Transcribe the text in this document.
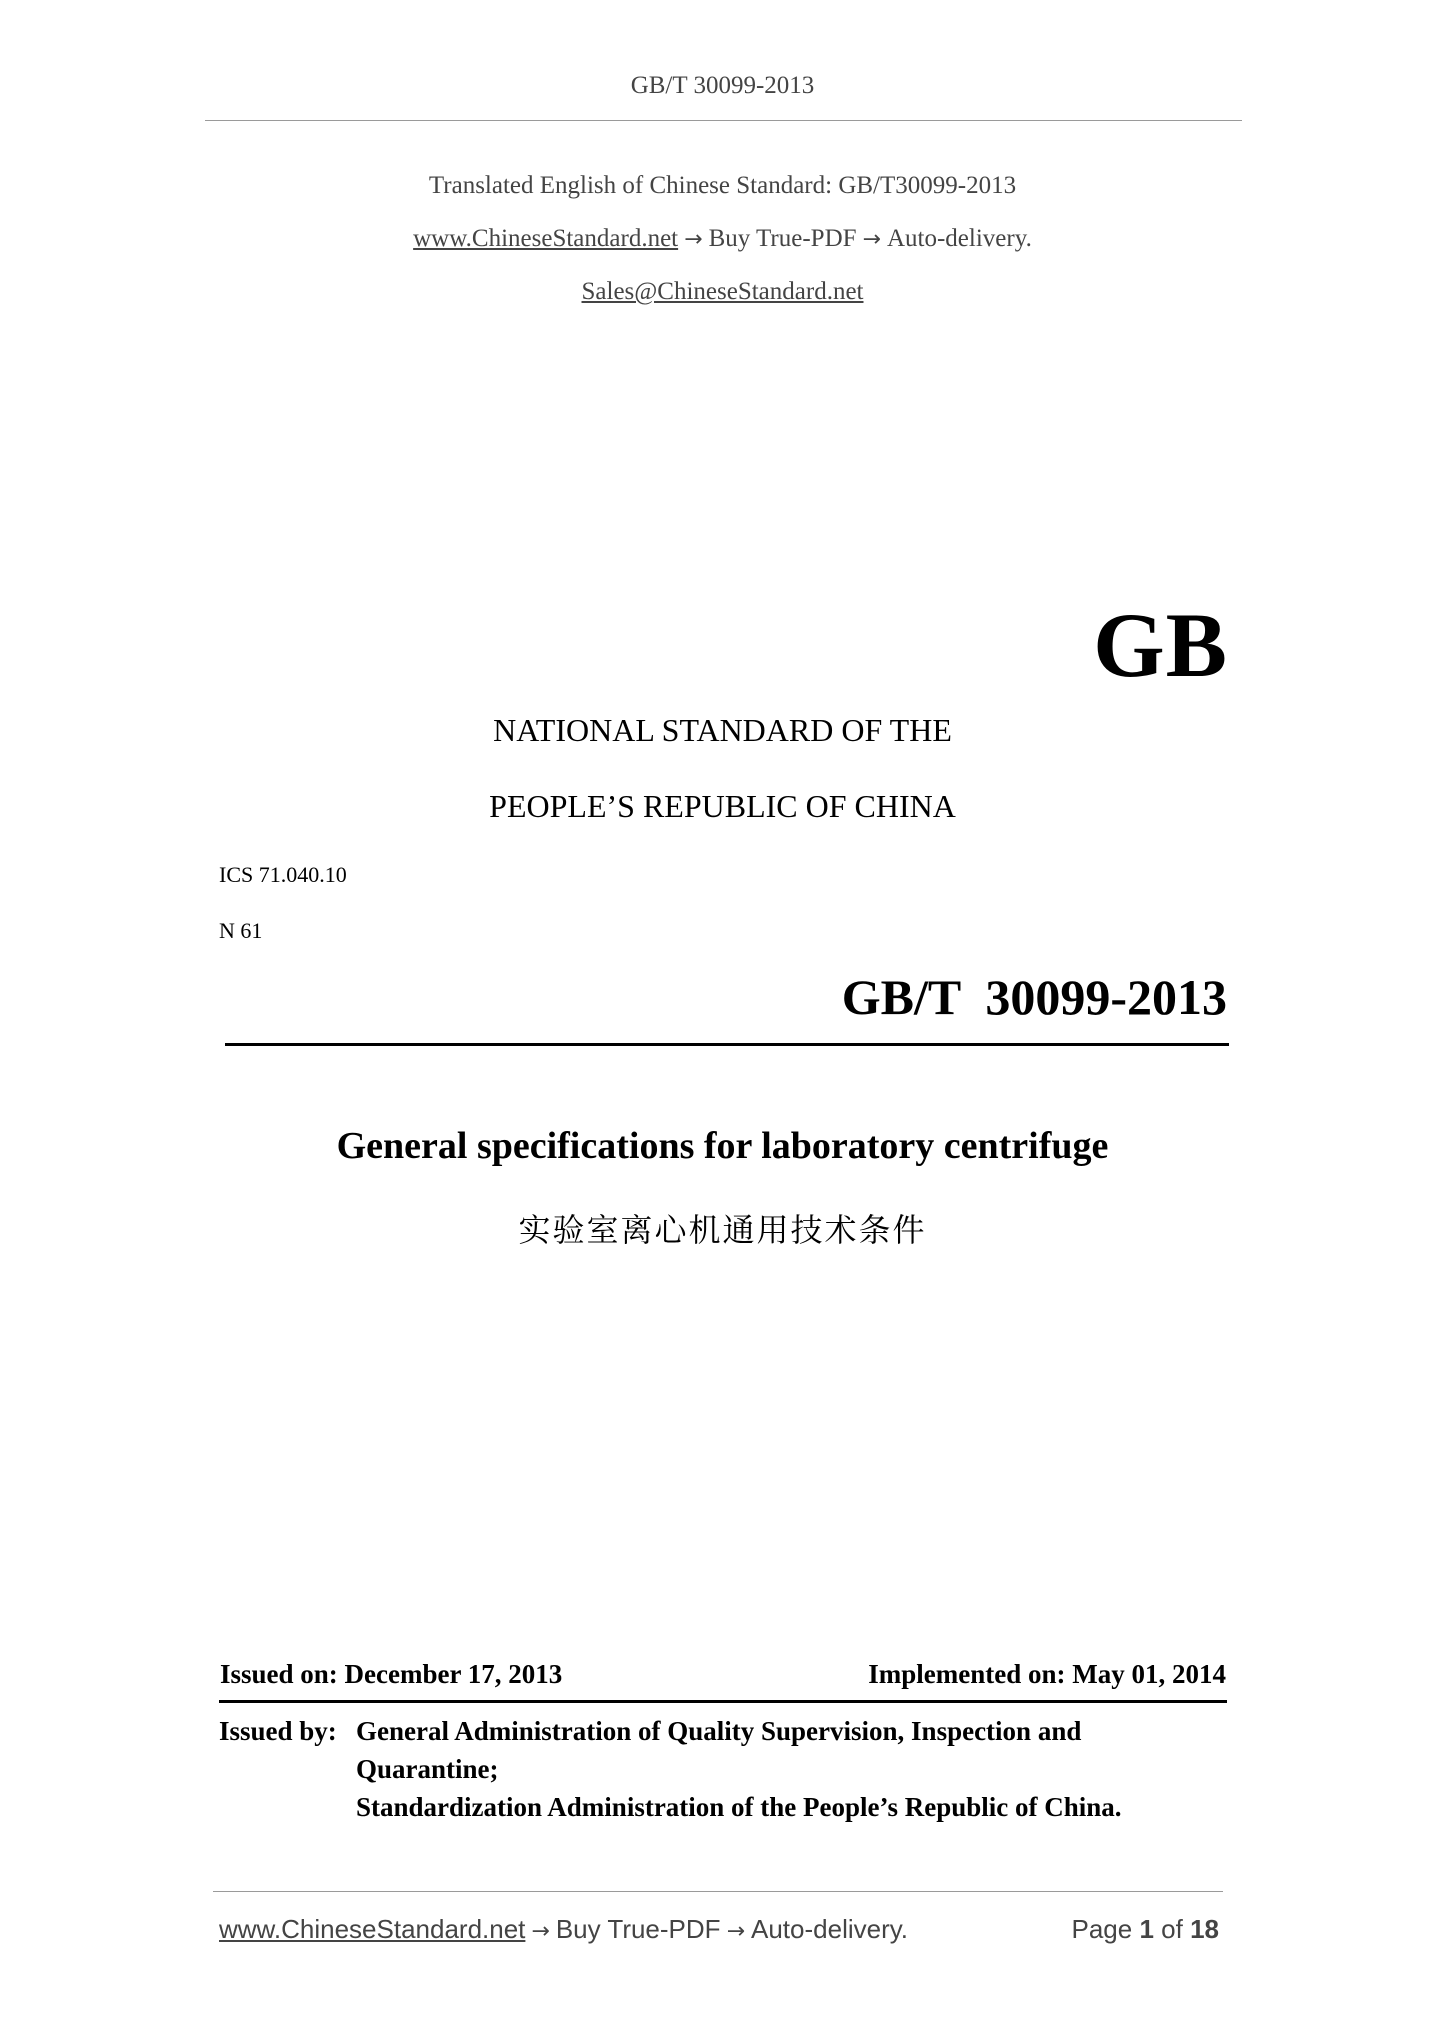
GB/T 30099-2013
Translated English of Chinese Standard: GB/T30099-2013
www.ChineseStandard.net → Buy True-PDF → Auto-delivery.
Sales@ChineseStandard.net
GB
NATIONAL STANDARD OF THE
PEOPLE’S REPUBLIC OF CHINA
ICS 71.040.10
N 61
GB/T  30099-2013
General specifications for laboratory centrifuge
实验室离心机通用技术条件
Issued on: December 17, 2013	Implemented on: May 01, 2014
Issued by: General Administration of Quality Supervision, Inspection and
Quarantine;
Standardization Administration of the People’s Republic of China.
www.ChineseStandard.net → Buy True-PDF → Auto-delivery.	Page 1 of 18
